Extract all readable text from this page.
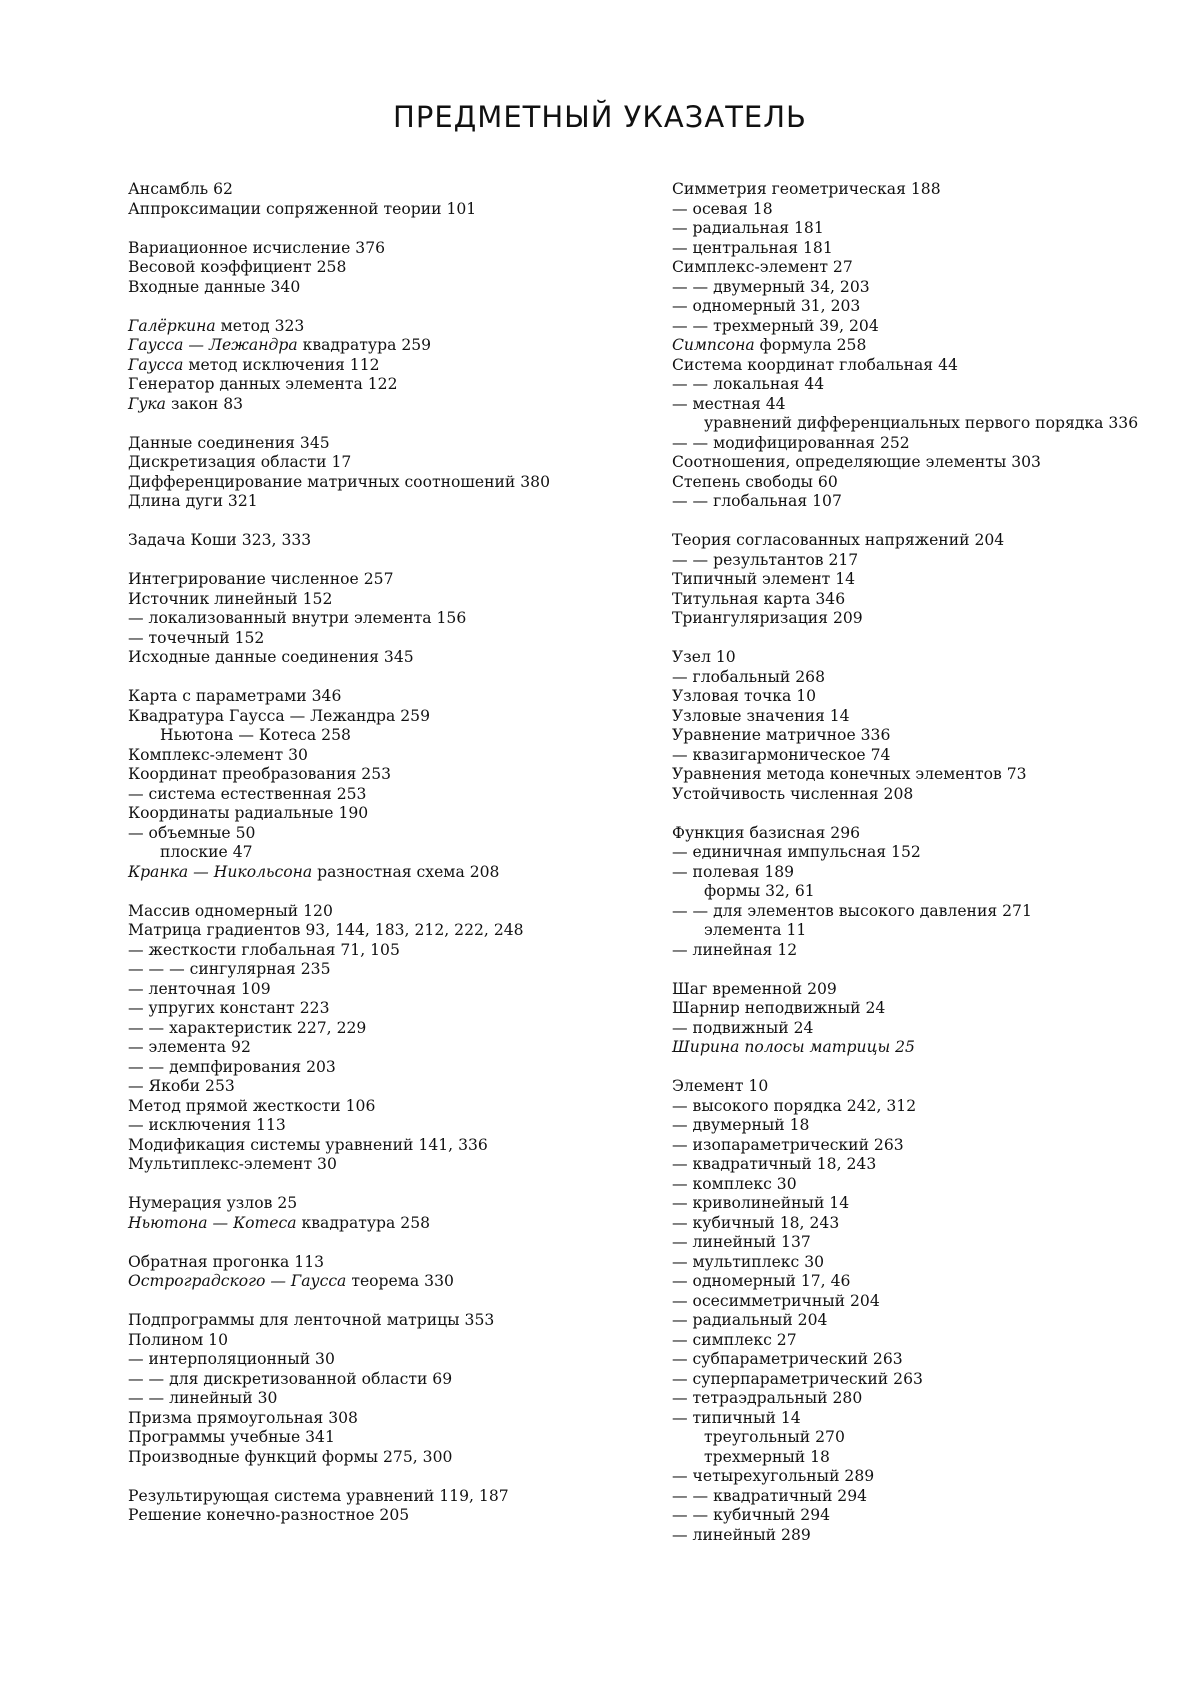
ПРЕДМЕТНЫЙ УКАЗАТЕЛЬ
Ансамбль 62
Аппроксимации сопряженной теории 101
Вариационное исчисление 376
Весовой коэффициент 258
Входные данные 340
Галёркина метод 323
Гаусса — Лежандра квадратура 259
Гаусса метод исключения 112
Генератор данных элемента 122
Гука закон 83
Данные соединения 345
Дискретизация области 17
Дифференцирование матричных соотношений 380
Длина дуги 321
Задача Коши 323, 333
Интегрирование численное 257
Источник линейный 152
— локализованный внутри элемента 156
— точечный 152
Исходные данные соединения 345
Карта с параметрами 346
Квадратура Гаусса — Лежандра 259
Ньютона — Котеса 258
Комплекс-элемент 30
Координат преобразования 253
— система естественная 253
Координаты радиальные 190
— объемные 50
плоские 47
Кранка — Никольсона разностная схема 208
Массив одномерный 120
Матрица градиентов 93, 144, 183, 212, 222, 248
— жесткости глобальная 71, 105
— — — сингулярная 235
— ленточная 109
— упругих констант 223
— — характеристик 227, 229
— элемента 92
— — демпфирования 203
— Якоби 253
Метод прямой жесткости 106
— исключения 113
Модификация системы уравнений 141, 336
Мультиплекс-элемент 30
Нумерация узлов 25
Ньютона — Котеса квадратура 258
Обратная прогонка 113
Остроградского — Гаусса теорема 330
Подпрограммы для ленточной матрицы 353
Полином 10
— интерполяционный 30
— — для дискретизованной области 69
— — линейный 30
Призма прямоугольная 308
Программы учебные 341
Производные функций формы 275, 300
Результирующая система уравнений 119, 187
Решение конечно-разностное 205
Симметрия геометрическая 188
— осевая 18
— радиальная 181
— центральная 181
Симплекс-элемент 27
— — двумерный 34, 203
— одномерный 31, 203
— — трехмерный 39, 204
Симпсона формула 258
Система координат глобальная 44
— — локальная 44
— местная 44
уравнений дифференциальных первого порядка 336
— — модифицированная 252
Соотношения, определяющие элементы 303
Степень свободы 60
— — глобальная 107
Теория согласованных напряжений 204
— — результантов 217
Типичный элемент 14
Титульная карта 346
Триангуляризация 209
Узел 10
— глобальный 268
Узловая точка 10
Узловые значения 14
Уравнение матричное 336
— квазигармоническое 74
Уравнения метода конечных элементов 73
Устойчивость численная 208
Функция базисная 296
— единичная импульсная 152
— полевая 189
формы 32, 61
— — для элементов высокого давления 271
элемента 11
— линейная 12
Шаг временной 209
Шарнир неподвижный 24
— подвижный 24
Ширина полосы матрицы 25
Элемент 10
— высокого порядка 242, 312
— двумерный 18
— изопараметрический 263
— квадратичный 18, 243
— комплекс 30
— криволинейный 14
— кубичный 18, 243
— линейный 137
— мультиплекс 30
— одномерный 17, 46
— осесимметричный 204
— радиальный 204
— симплекс 27
— субпараметрический 263
— суперпараметрический 263
— тетраэдральный 280
— типичный 14
треугольный 270
трехмерный 18
— четырехугольный 289
— — квадратичный 294
— — кубичный 294
— линейный 289
